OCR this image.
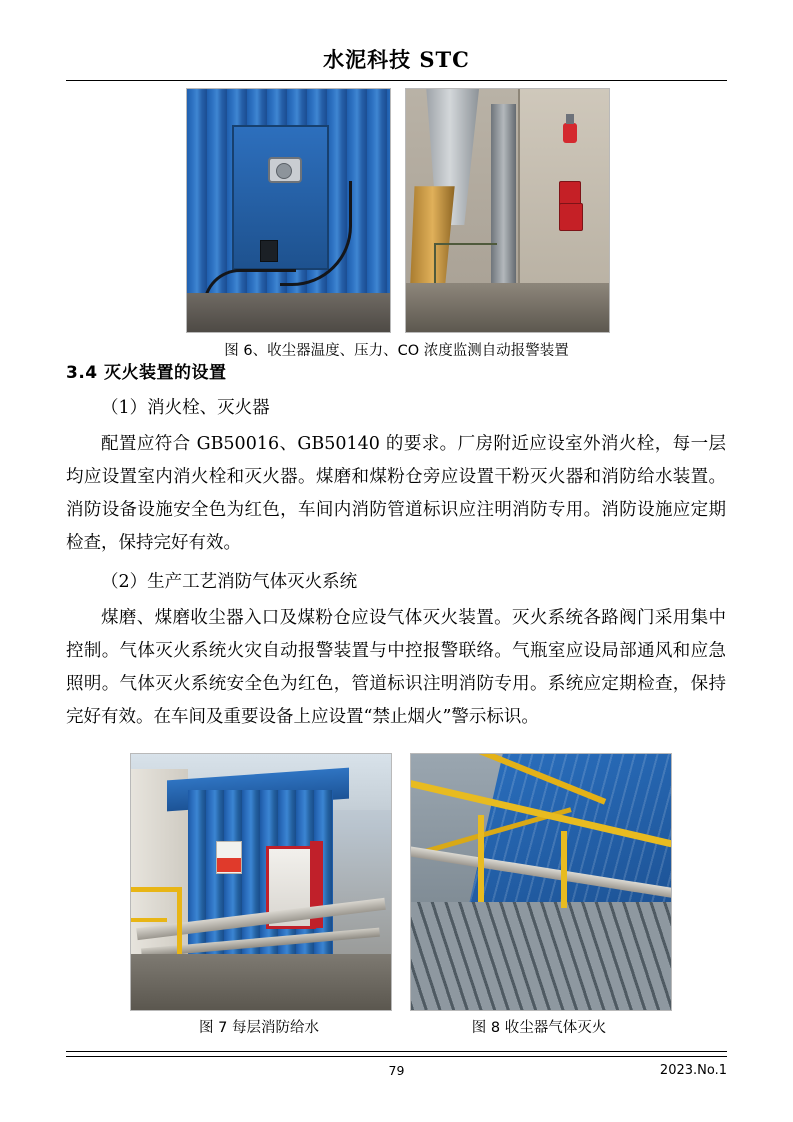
水泥科技 STC
图 6、收尘器温度、压力、CO 浓度监测自动报警装置
3.4 灭火装置的设置
（1）消火栓、灭火器
配置应符合 GB50016、GB50140 的要求。厂房附近应设室外消火栓，每一层均应设置室内消火栓和灭火器。煤磨和煤粉仓旁应设置干粉灭火器和消防给水装置。消防设备设施安全色为红色，车间内消防管道标识应注明消防专用。消防设施应定期检查，保持完好有效。
（2）生产工艺消防气体灭火系统
煤磨、煤磨收尘器入口及煤粉仓应设气体灭火装置。灭火系统各路阀门采用集中控制。气体灭火系统火灾自动报警装置与中控报警联络。气瓶室应设局部通风和应急照明。气体灭火系统安全色为红色，管道标识注明消防专用。系统应定期检查，保持完好有效。在车间及重要设备上应设置“禁止烟火”警示标识。
图 7 每层消防给水	图 8 收尘器气体灭火
79	2023.No.1
